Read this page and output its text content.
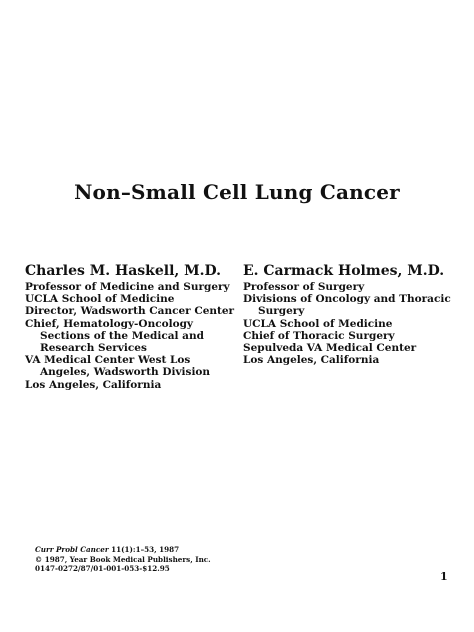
Non–Small Cell Lung Cancer
Charles M. Haskell, M.D.
Professor of Medicine and Surgery
UCLA School of Medicine
Director, Wadsworth Cancer Center
Chief, Hematology-Oncology
Sections of the Medical and
Research Services
VA Medical Center West Los
Angeles, Wadsworth Division
Los Angeles, California
E. Carmack Holmes, M.D.
Professor of Surgery
Divisions of Oncology and Thoracic
Surgery
UCLA School of Medicine
Chief of Thoracic Surgery
Sepulveda VA Medical Center
Los Angeles, California
Curr Probl Cancer 11(1):1–53, 1987
© 1987, Year Book Medical Publishers, Inc.
0147-0272/87/01-001-053-$12.95
1
